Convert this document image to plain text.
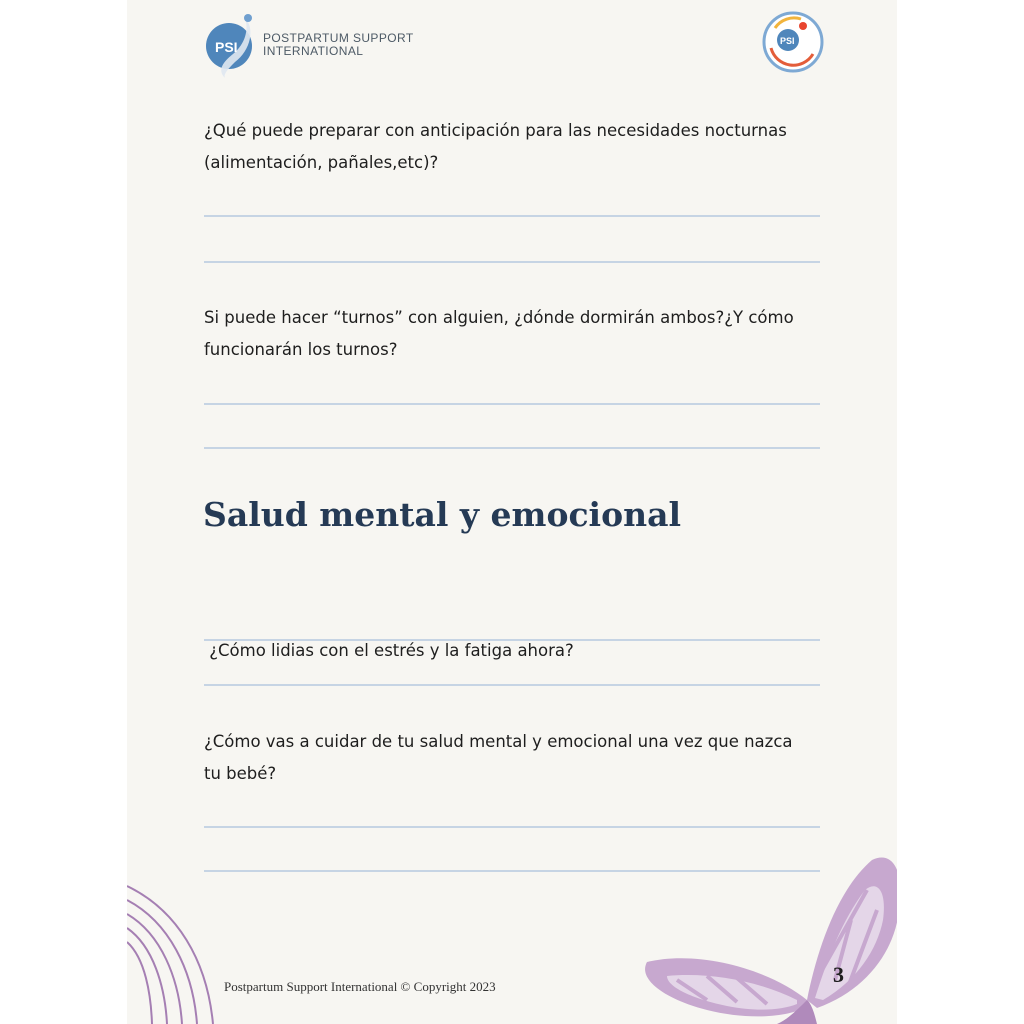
PSI
POSTPARTUM SUPPORT
INTERNATIONAL
PSI
¿Qué puede preparar con anticipación para las necesidades nocturnas
(alimentación, pañales,etc)?
Si puede hacer “turnos” con alguien, ¿dónde dormirán ambos?¿Y cómo
funcionarán los turnos?
Salud mental y emocional

¿Cómo lidias con el estrés y la fatiga ahora?

¿Cómo vas a cuidar de tu salud mental y emocional una vez que nazca
tu bebé?
Postpartum Support International © Copyright 2023	3
